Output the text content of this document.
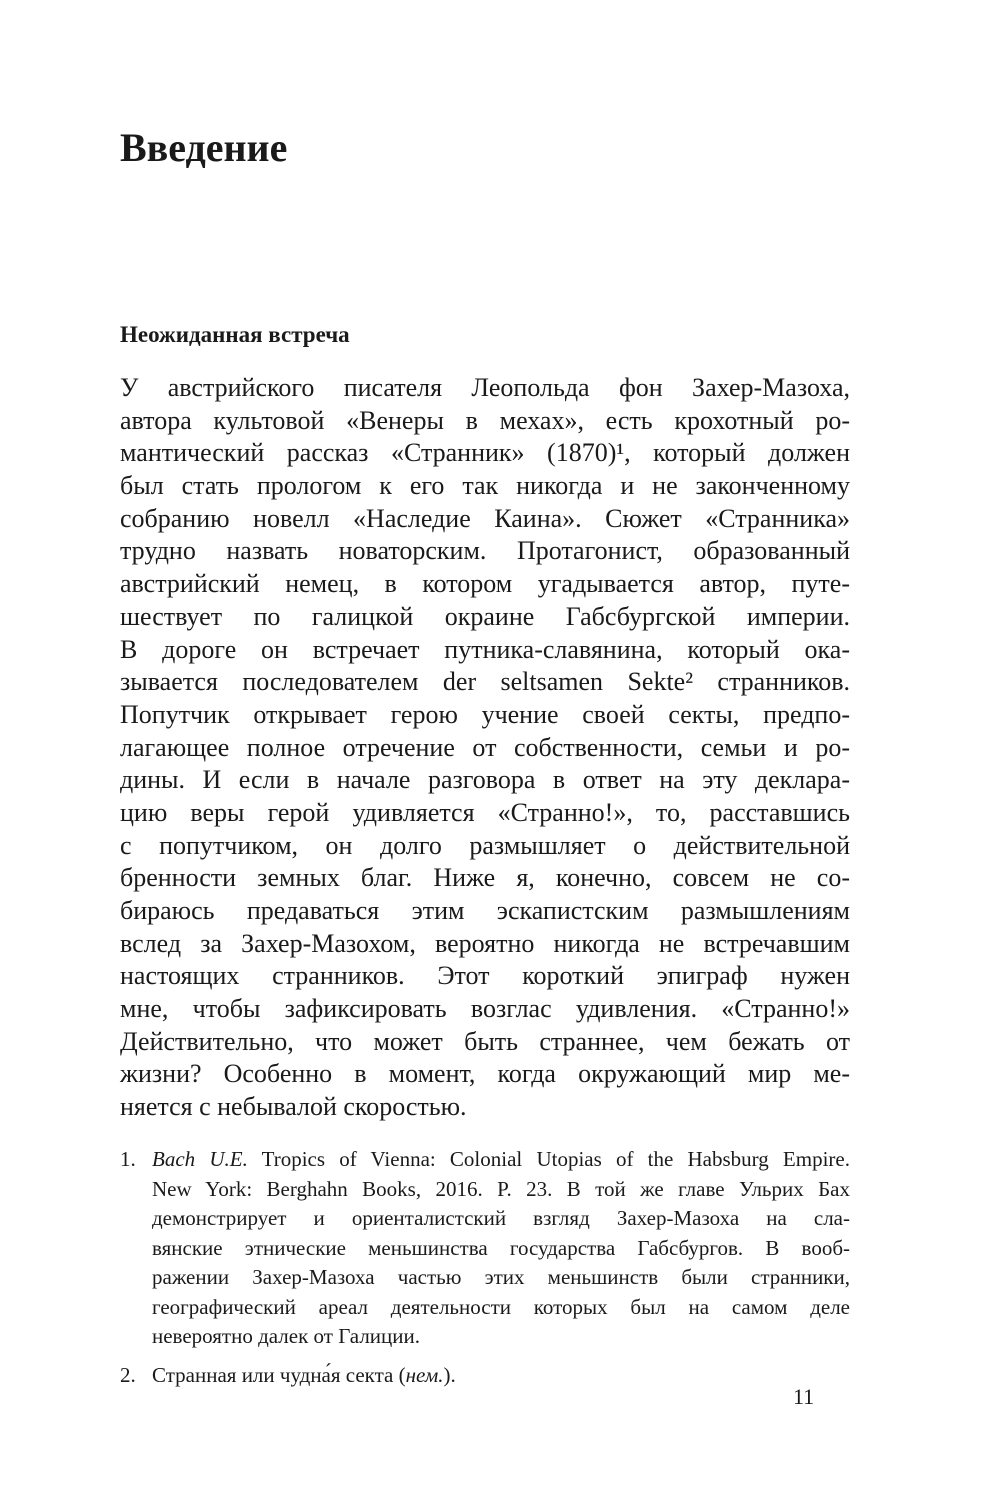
Введение
Неожиданная встреча
У австрийского писателя Леопольда фон Захер-Мазоха,
автора культовой «Венеры в мехах», есть крохотный ро-
мантический рассказ «Странник» (1870)¹, который должен
был стать прологом к его так никогда и не законченному
собранию новелл «Наследие Каина». Сюжет «Странника»
трудно назвать новаторским. Протагонист, образованный
австрийский немец, в котором угадывается автор, путе-
шествует по галицкой окраине Габсбургской империи.
В дороге он встречает путника-славянина, который ока-
зывается последователем der seltsamen Sekte² странников.
Попутчик открывает герою учение своей секты, предпо-
лагающее полное отречение от собственности, семьи и ро-
дины. И если в начале разговора в ответ на эту деклара-
цию веры герой удивляется «Странно!», то, расставшись
с попутчиком, он долго размышляет о действительной
бренности земных благ. Ниже я, конечно, совсем не со-
бираюсь предаваться этим эскапистским размышлениям
вслед за Захер-Мазохом, вероятно никогда не встречавшим
настоящих странников. Этот короткий эпиграф нужен
мне, чтобы зафиксировать возглас удивления. «Странно!»
Действительно, что может быть страннее, чем бежать от
жизни? Особенно в момент, когда окружающий мир ме-
няется с небывалой скоростью.
1. Bach U.E. Tropics of Vienna: Colonial Utopias of the Habsburg Empire.
New York: Berghahn Books, 2016. P. 23. В той же главе Ульрих Бах
демонстрирует и ориенталистский взгляд Захер-Мазоха на сла-
вянские этнические меньшинства государства Габсбургов. В вооб-
ражении Захер-Мазоха частью этих меньшинств были странники,
географический ареал деятельности которых был на самом деле
невероятно далек от Галиции.
2. Странная или чудна́я секта (нем.).
11
